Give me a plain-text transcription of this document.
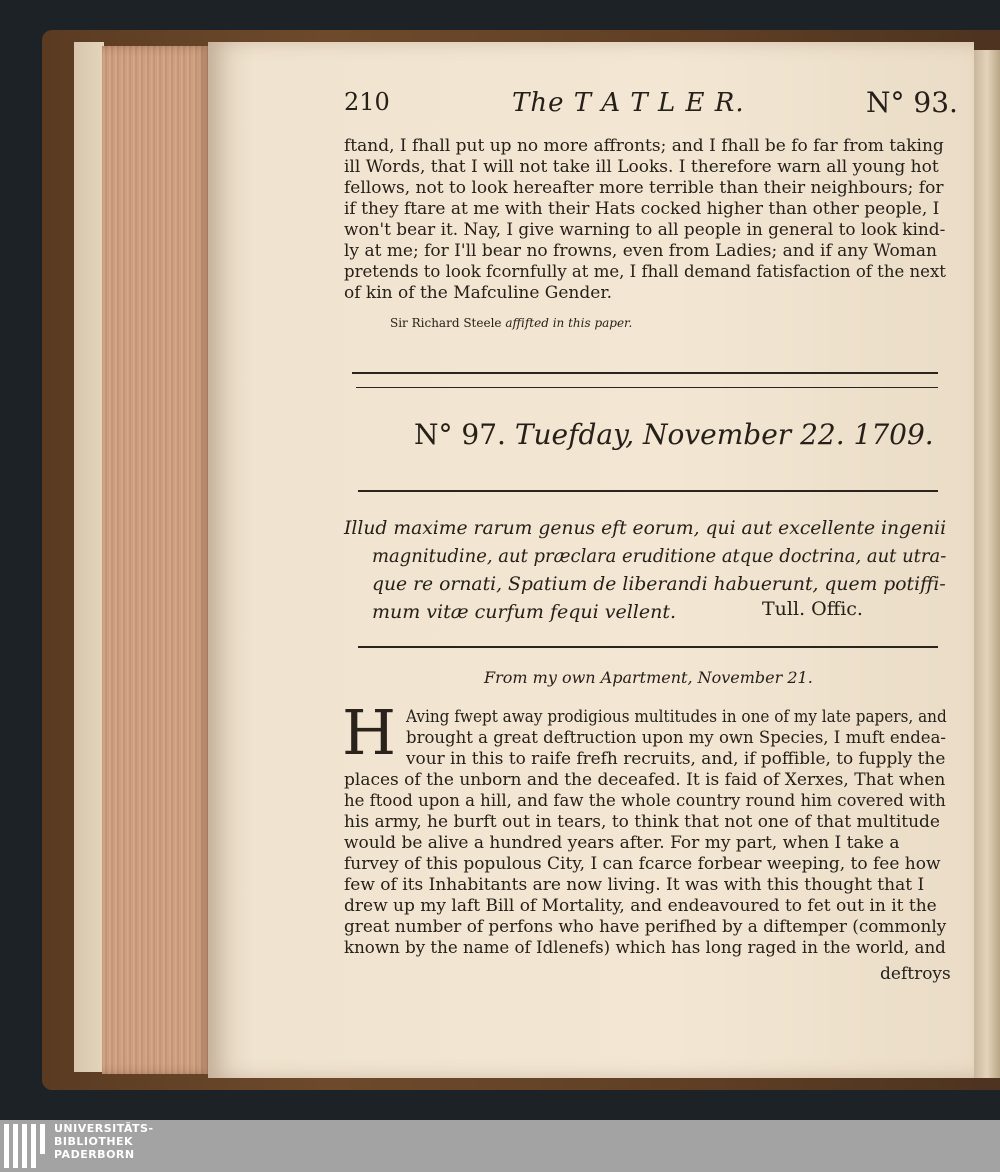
210	The T A T L E R.	N° 93.
ftand, I fhall put up no more affronts; and I fhall be fo far from taking
ill Words, that I will not take ill Looks. I therefore warn all young hot
fellows, not to look hereafter more terrible than their neighbours; for
if they ftare at me with their Hats cocked higher than other people, I
won't bear it. Nay, I give warning to all people in general to look kind-
ly at me; for I'll bear no frowns, even from Ladies; and if any Woman
pretends to look fcornfully at me, I fhall demand fatisfaction of the next
of kin of the Mafculine Gender.
Sir Richard Steele affifted in this paper.
N° 97. Tuefday, November 22. 1709.
Illud maxime rarum genus eft eorum, qui aut excellente ingenii
magnitudine, aut præclara eruditione atque doctrina, aut utra-
que re ornati, Spatium de liberandi habuerunt, quem potiffi-
mum vitæ curfum fequi vellent.	Tull. Offic.
From my own Apartment, November 21.
H Aving fwept away prodigious multitudes in one of my late papers, and
brought a great deftruction upon my own Species, I muft endea-
vour in this to raife frefh recruits, and, if poffible, to fupply the
places of the unborn and the deceafed. It is faid of Xerxes, That when
he ftood upon a hill, and faw the whole country round him covered with
his army, he burft out in tears, to think that not one of that multitude
would be alive a hundred years after. For my part, when I take a
furvey of this populous City, I can fcarce forbear weeping, to fee how
few of its Inhabitants are now living. It was with this thought that I
drew up my laft Bill of Mortality, and endeavoured to fet out in it the
great number of perfons who have perifhed by a diftemper (commonly
known by the name of Idlenefs) which has long raged in the world, and
deftroys
UNIVERSITÄTS-
BIBLIOTHEK
PADERBORN
